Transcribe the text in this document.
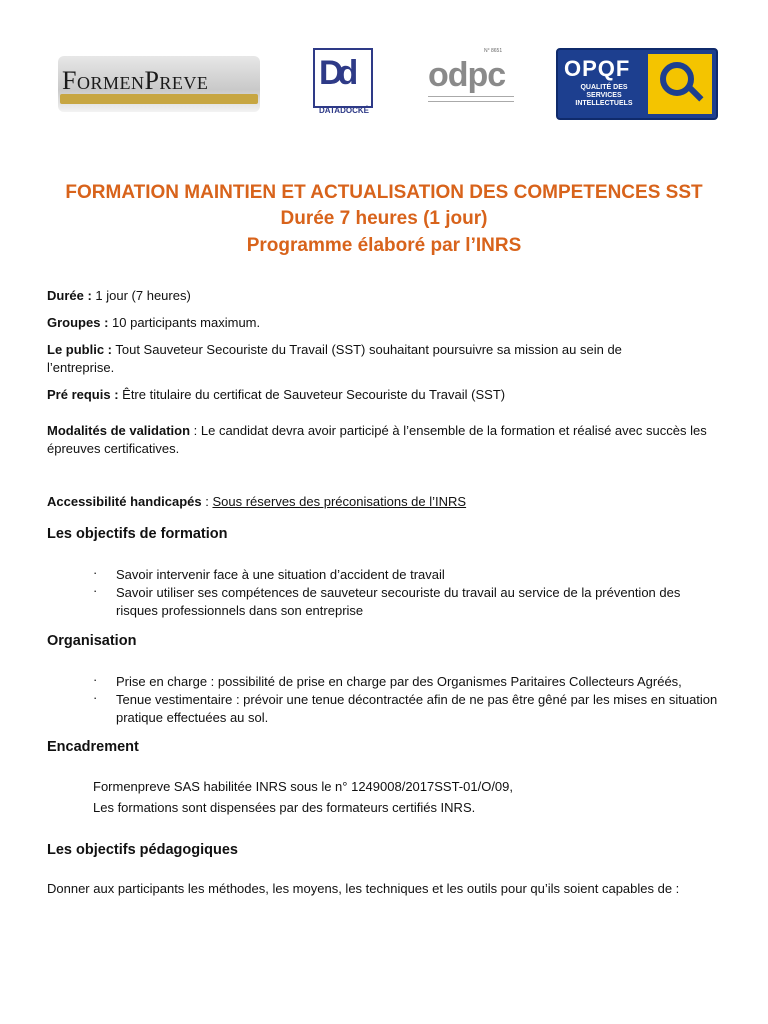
FormenPreve	Dd
DATADOCKÉ
odpc
N° 8651
OPQF
QUALITÉ DES SERVICES INTELLECTUELS
FORMATION MAINTIEN ET ACTUALISATION DES COMPETENCES SST
Durée 7 heures (1 jour)
Programme élaboré par l’INRS
Durée : 1 jour (7 heures)
Groupes : 10 participants maximum.
Le public : Tout Sauveteur Secouriste du Travail (SST) souhaitant poursuivre sa mission au sein de l’entreprise.
Pré requis : Être titulaire du certificat de Sauveteur Secouriste du Travail (SST)
Modalités de validation : Le candidat devra avoir participé à l’ensemble de la formation et réalisé avec succès les épreuves certificatives.
Accessibilité handicapés : Sous réserves des préconisations de l’INRS
Les objectifs de formation
· Savoir intervenir face à une situation d’accident de travail
· Savoir utiliser ses compétences de sauveteur secouriste du travail au service de la prévention des risques professionnels dans son entreprise
Organisation
· Prise en charge : possibilité de prise en charge par des Organismes Paritaires Collecteurs Agréés,
· Tenue vestimentaire : prévoir une tenue décontractée afin de ne pas être gêné par les mises en situation pratique effectuées au sol.
Encadrement
Formenpreve SAS habilitée INRS sous le n° 1249008/2017SST-01/O/09,
Les formations sont dispensées par des formateurs certifiés INRS.
Les objectifs pédagogiques
Donner aux participants les méthodes, les moyens, les techniques et les outils pour qu’ils soient capables de :
